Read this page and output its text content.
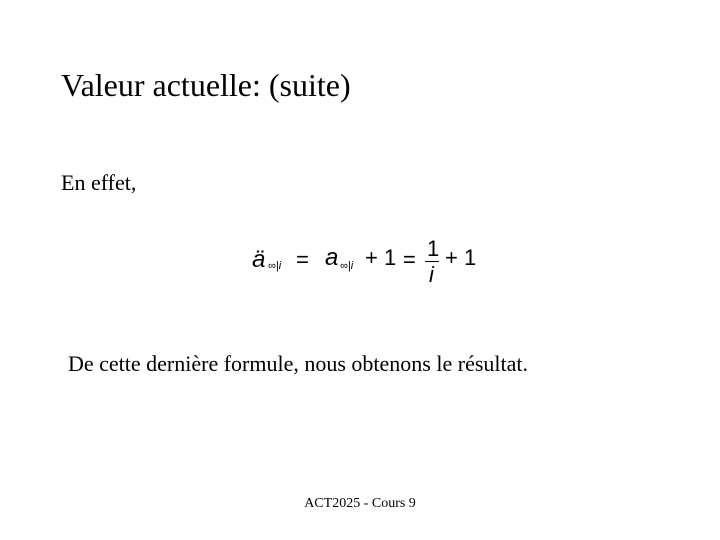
Valeur actuelle: (suite)
En effet,
ä ∞|i = a ∞|i + 1 = 1
i
+ 1
De cette dernière formule, nous obtenons le résultat.
ACT2025 - Cours 9
